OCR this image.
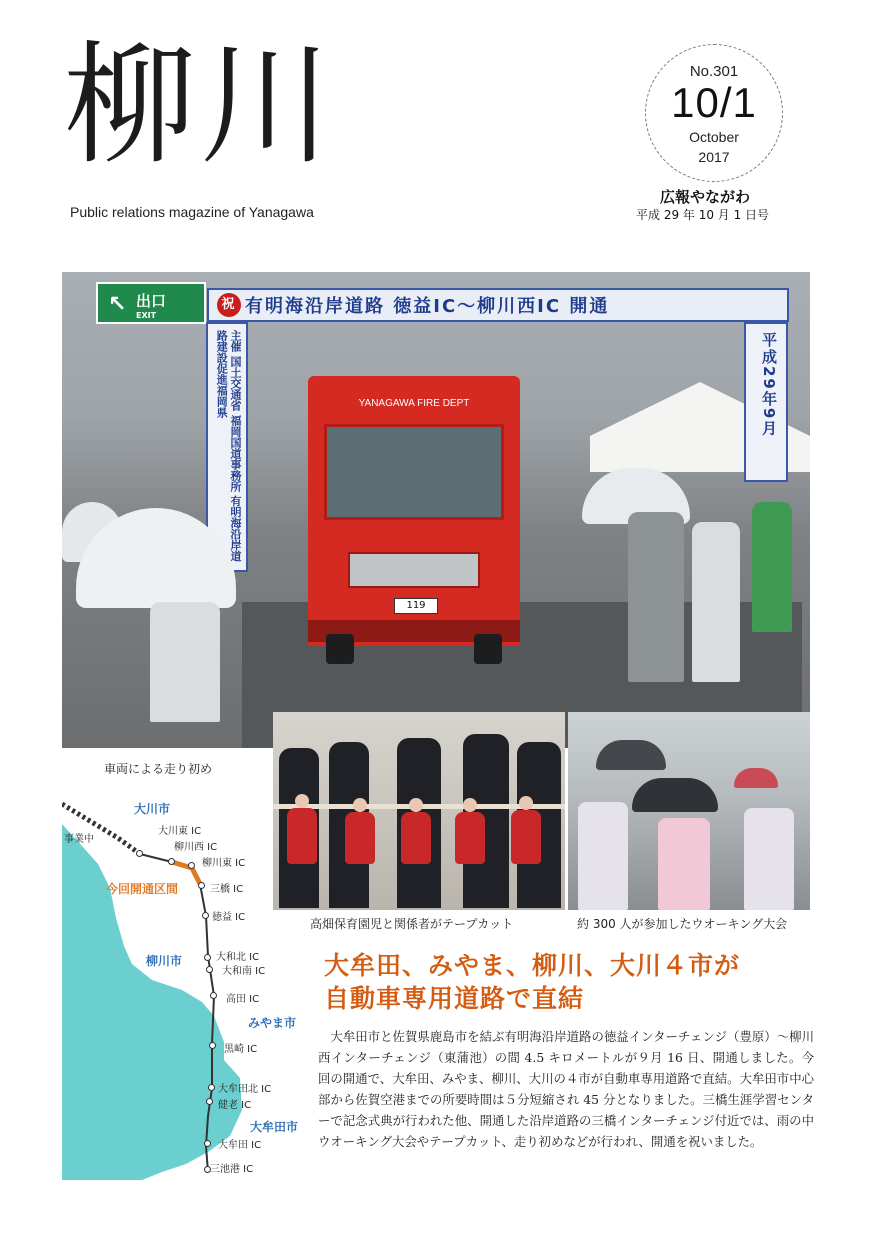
柳川
Public relations magazine of Yanagawa
No.301
10/1
October
2017
広報やながわ
平成 29 年 10 月 1 日号
↖ 出口
EXIT
祝 有明海沿岸道路 徳益IC～柳川西IC 開通
主催 国土交通省 福岡国道事務所 有明海沿岸道路建設促進福岡県	平成29年9月
YANAGAWA FIRE DEPT
119
車両による走り初め
高畑保育園児と関係者がテープカット	約 300 人が参加したウオーキング大会
事業中
大川市
柳川市
みやま市
大牟田市
今回開通区間
大川東 IC
柳川西 IC
柳川東 IC
三橋 IC
徳益 IC
大和北 IC
大和南 IC
高田 IC
黒崎 IC
大牟田北 IC
健老 IC
大牟田 IC
三池港 IC
大牟田、みやま、柳川、大川４市が
自動車専用道路で直結
大牟田市と佐賀県鹿島市を結ぶ有明海沿岸道路の徳益インターチェンジ（豊原）～柳川西インターチェンジ（東蒲池）の間 4.5 キロメートルが９月 16 日、開通しました。今回の開通で、大牟田、みやま、柳川、大川の４市が自動車専用道路で直結。大牟田市中心部から佐賀空港までの所要時間は５分短縮され 45 分となりました。三橋生涯学習センターで記念式典が行われた他、開通した沿岸道路の三橋インターチェンジ付近では、雨の中ウオーキング大会やテープカット、走り初めなどが行われ、開通を祝いました。
